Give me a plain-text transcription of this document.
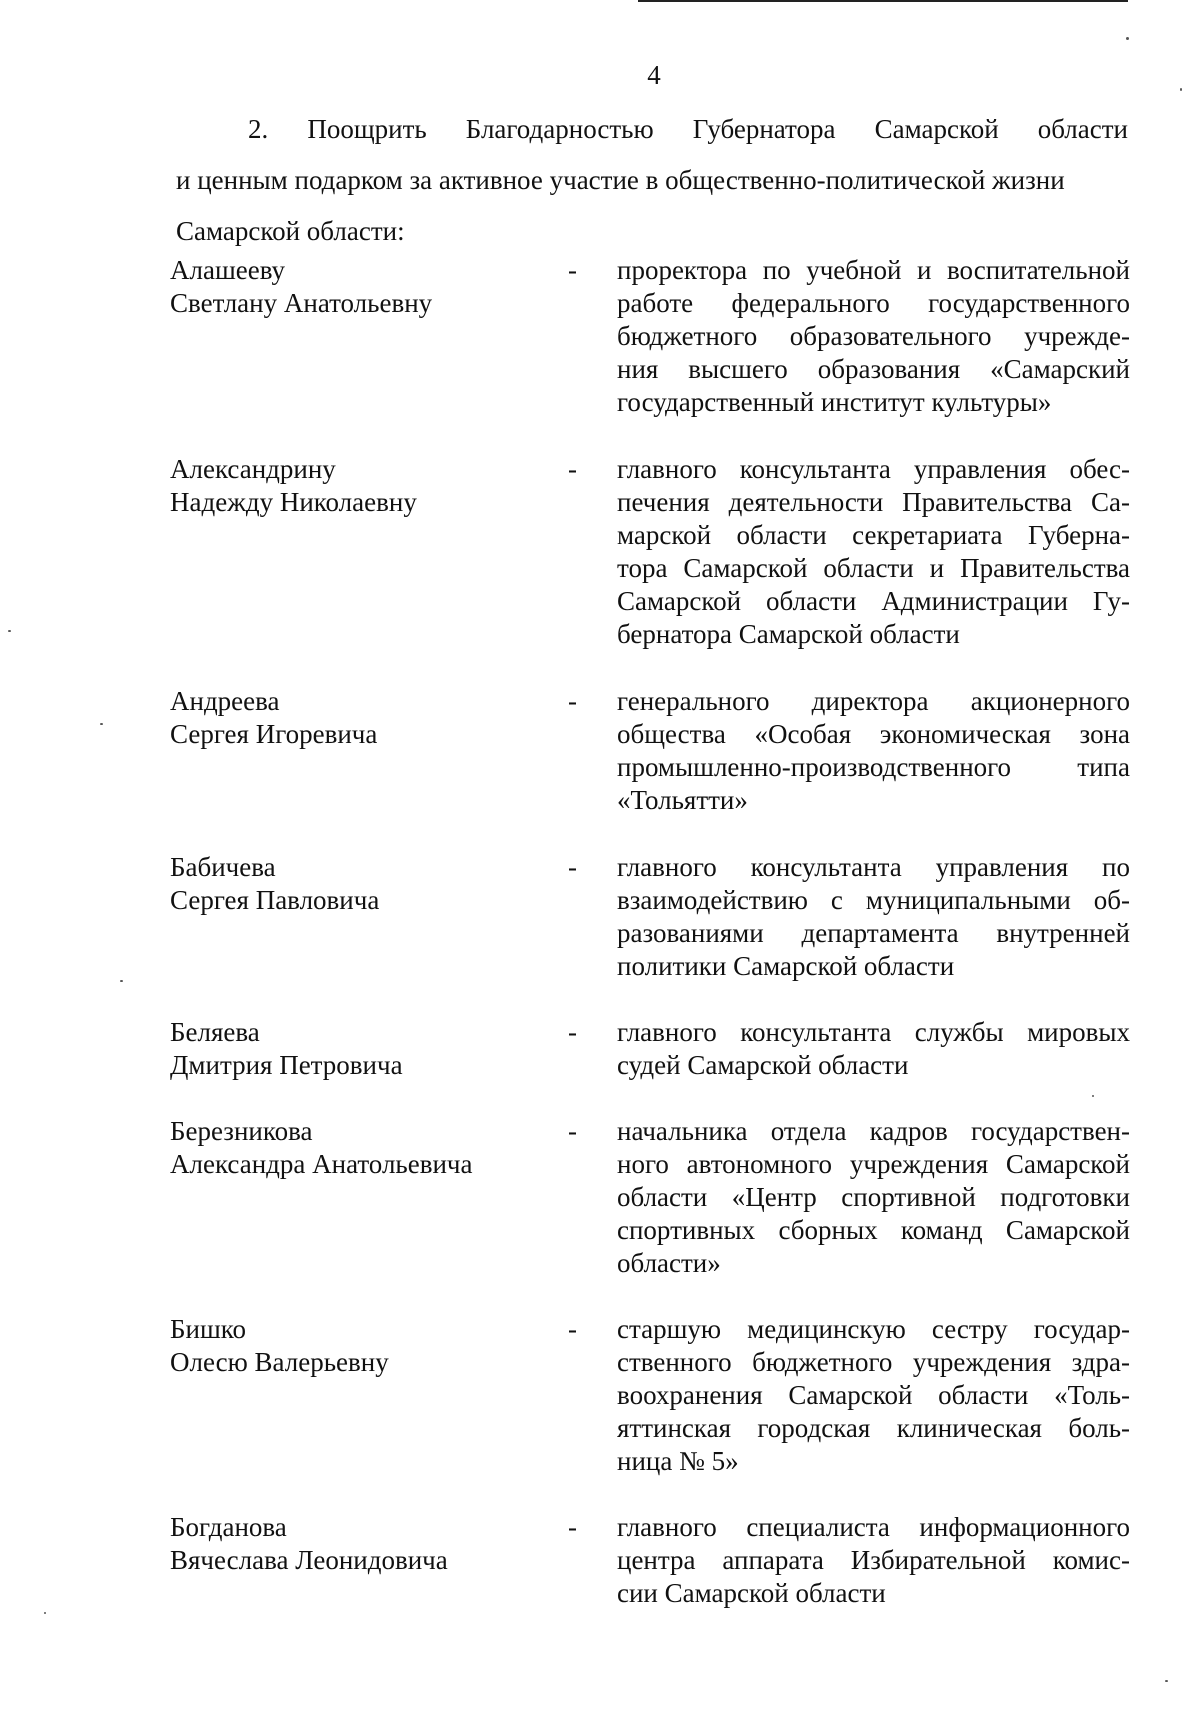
4

2. Поощрить Благодарностью Губернатора Самарской области

и ценным подарком за активное участие в общественно-политической жизни

Самарской области:

Алашееву
Светлану Анатольевну
- проректора по учебной и воспитательной
работе федерального государственного
бюджетного образовательного учрежде-
ния высшего образования «Самарский
государственный институт культуры»
Александрину
Надежду Николаевну
- главного консультанта управления обес-
печения деятельности Правительства Са-
марской области секретариата Губерна-
тора Самарской области и Правительства
Самарской области Администрации Гу-
бернатора Самарской области
Андреева
Сергея Игоревича
- генерального директора акционерного
общества «Особая экономическая зона
промышленно-производственного типа
«Тольятти»
Бабичева
Сергея Павловича
- главного консультанта управления по
взаимодействию с муниципальными об-
разованиями департамента внутренней
политики Самарской области
Беляева
Дмитрия Петровича
- главного консультанта службы мировых
судей Самарской области
Березникова
Александра Анатольевича
- начальника отдела кадров государствен-
ного автономного учреждения Самарской
области «Центр спортивной подготовки
спортивных сборных команд Самарской
области»
Бишко
Олесю Валерьевну
- старшую медицинскую сестру государ-
ственного бюджетного учреждения здра-
воохранения Самарской области «Толь-
яттинская городская клиническая боль-
ница № 5»
Богданова
Вячеслава Леонидовича
- главного специалиста информационного
центра аппарата Избирательной комис-
сии Самарской области
